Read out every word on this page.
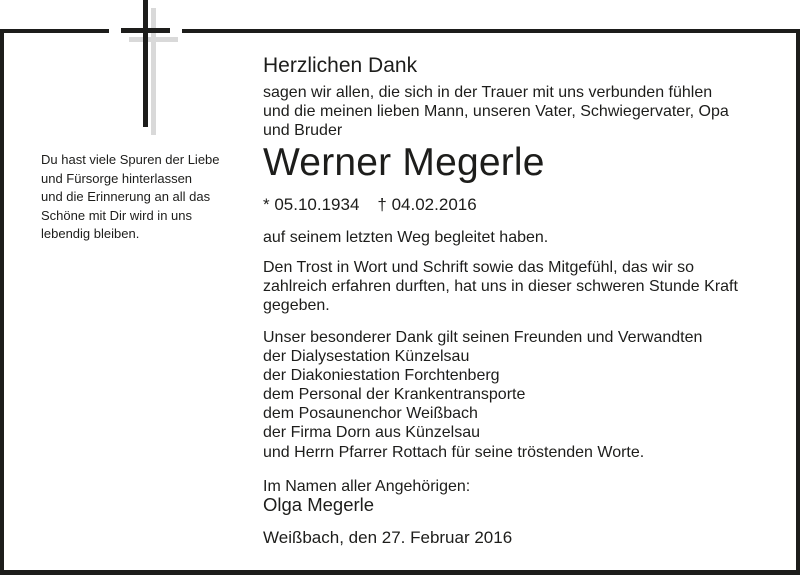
Du hast viele Spuren der Liebe
und Fürsorge hinterlassen
und die Erinnerung an all das
Schöne mit Dir wird in uns
lebendig bleiben.
Herzlichen Dank
sagen wir allen, die sich in der Trauer mit uns verbunden fühlen
und die meinen lieben Mann, unseren Vater, Schwiegervater, Opa
und Bruder
Werner Megerle
* 05.10.1934 † 04.02.2016
auf seinem letzten Weg begleitet haben.
Den Trost in Wort und Schrift sowie das Mitgefühl, das wir so
zahlreich erfahren durften, hat uns in dieser schweren Stunde Kraft
gegeben.
Unser besonderer Dank gilt seinen Freunden und Verwandten
der Dialysestation Künzelsau
der Diakoniestation Forchtenberg
dem Personal der Krankentransporte
dem Posaunenchor Weißbach
der Firma Dorn aus Künzelsau
und Herrn Pfarrer Rottach für seine tröstenden Worte.
Im Namen aller Angehörigen:
Olga Megerle
Weißbach, den 27. Februar 2016
